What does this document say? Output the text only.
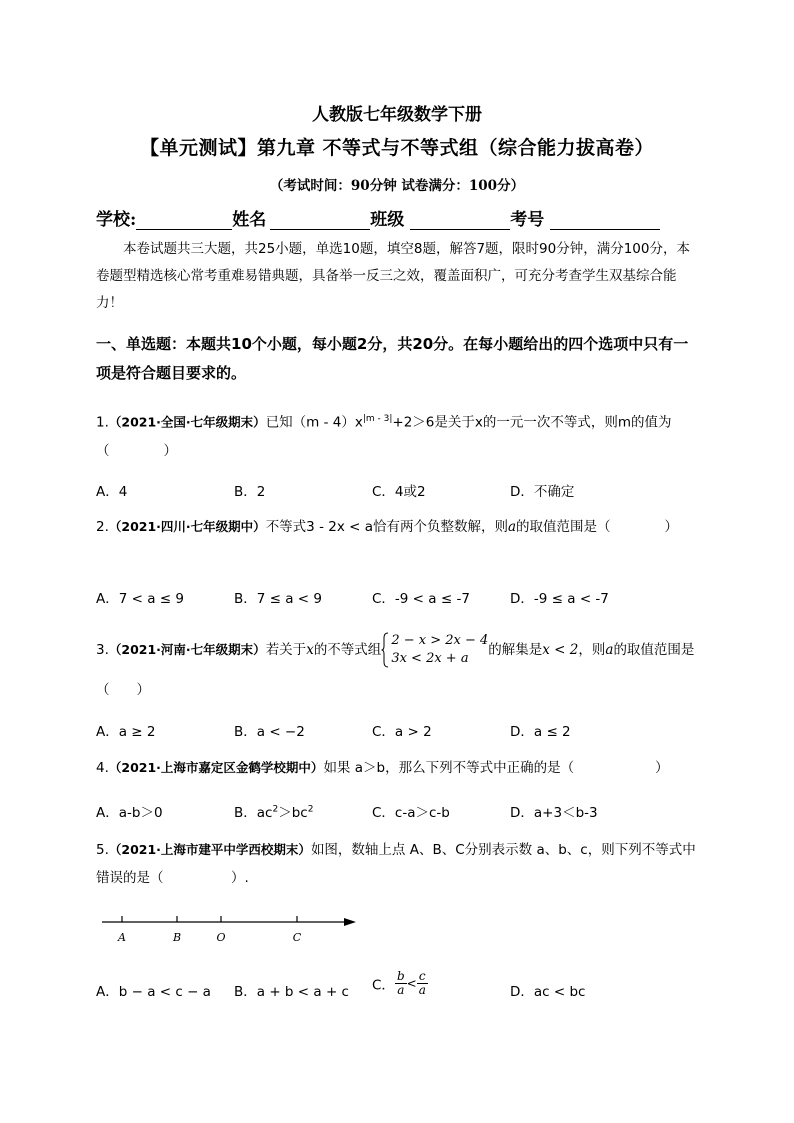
人教版七年级数学下册
【单元测试】第九章 不等式与不等式组（综合能力拔高卷）
（考试时间：90分钟 试卷满分：100分）
学校:	姓名	班级	考号
本卷试题共三大题，共25小题，单选10题，填空8题，解答7题，限时90分钟，满分100分，本卷题型精选核心常考重难易错典题，具备举一反三之效，覆盖面积广，可充分考查学生双基综合能力！
一、单选题：本题共10个小题，每小题2分，共20分。在每小题给出的四个选项中只有一项是符合题目要求的。
1.（2021·全国·七年级期末）已知$(m - 4)x^{|m - 3|}+2>6$是关于x的一元一次不等式，则m的值为（　　　　）
A．4	B．2	C．4或2	D．不确定
2.（2021·四川·七年级期中）不等式3 - 2x < a恰有两个负整数解，则a的取值范围是（　　　　）
A．7 < a ≤ 9	B．7 ≤ a < 9	C．-9 < a ≤ -7	D．-9 ≤ a < -7
3.（2021·河南·七年级期末）若关于x的不等式组
2 − x > 2x − 4
3x < 2x + a
的解集是x < 2，则a的取值范围是（　　）
A．a ≥ 2	B．a < −2	C．a > 2	D．a ≤ 2
4.（2021·上海市嘉定区金鹤学校期中）如果 a＞b，那么下列不等式中正确的是（　　　　　　）
A．a-b＞0	B．$ac^2>bc^2$	C．c-a＞c-b	D．a+3＜b-3
5.（2021·上海市建平中学西校期末）如图，数轴上点 A、B、C分别表示数 a、b、c，则下列不等式中错误的是（　　　　　）.
A	B	O	C
A．b − a < c − a B．a + b < a + c C． $\frac{b}{a} < \frac{c}{a}$	D．ac < bc
